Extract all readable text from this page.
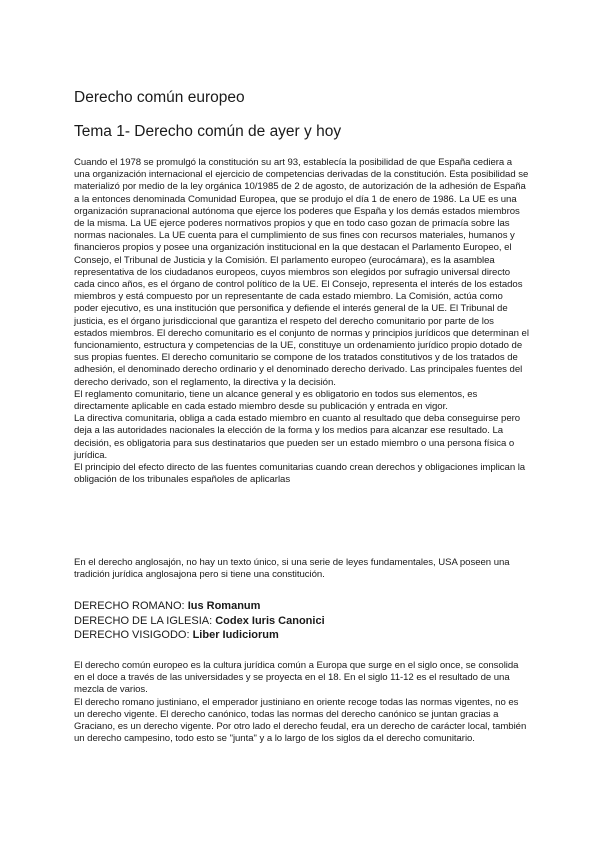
Derecho común europeo
Tema 1- Derecho común de ayer y hoy

Cuando el 1978 se promulgó la constitución su art 93, establecía la posibilidad de que España cediera a una organización internacional el ejercicio de competencias derivadas de la constitución. Esta posibilidad se materializó por medio de la ley orgánica 10/1985 de 2 de agosto, de autorización de la adhesión de España a la entonces denominada Comunidad Europea, que se produjo el día 1 de enero de 1986. La UE es una organización supranacional autónoma que ejerce los poderes que España y los demás estados miembros de la misma. La UE ejerce poderes normativos propios y que en todo caso gozan de primacía sobre las normas nacionales. La UE cuenta para el cumplimiento de sus fines con recursos materiales, humanos y financieros propios y posee una organización institucional en la que destacan el Parlamento Europeo, el Consejo, el Tribunal de Justicia y la Comisión. El parlamento europeo (eurocámara), es la asamblea representativa de los ciudadanos europeos, cuyos miembros son elegidos por sufragio universal directo cada cinco años, es el órgano de control político de la UE. El Consejo, representa el interés de los estados miembros y está compuesto por un representante de cada estado miembro. La Comisión, actúa como poder ejecutivo, es una institución que personifica y defiende el interés general de la UE. El Tribunal de justicia, es el órgano jurisdiccional que garantiza el respeto del derecho comunitario por parte de los estados miembros. El derecho comunitario es el conjunto de normas y principios jurídicos que determinan el funcionamiento, estructura y competencias de la UE, constituye un ordenamiento jurídico propio dotado de sus propias fuentes. El derecho comunitario se compone de los tratados constitutivos y de los tratados de adhesión, el denominado derecho ordinario y el denominado derecho derivado. Las principales fuentes del derecho derivado, son el reglamento, la directiva y la decisión.

El reglamento comunitario, tiene un alcance general y es obligatorio en todos sus elementos, es directamente aplicable en cada estado miembro desde su publicación y entrada en vigor.

La directiva comunitaria, obliga a cada estado miembro en cuanto al resultado que deba conseguirse pero deja a las autoridades nacionales la elección de la forma y los medios para alcanzar ese resultado. La decisión, es obligatoria para sus destinatarios que pueden ser un estado miembro o una persona física o jurídica.

El principio del efecto directo de las fuentes comunitarias cuando crean derechos y obligaciones implican la obligación de los tribunales españoles de aplicarlas

En el derecho anglosajón, no hay un texto único, si una serie de leyes fundamentales, USA poseen una tradición jurídica anglosajona pero si tiene una constitución.

DERECHO ROMANO: Ius Romanum
DERECHO DE LA IGLESIA: Codex Iuris Canonici
DERECHO VISIGODO: Liber Iudiciorum

El derecho común europeo es la cultura jurídica común a Europa que surge en el siglo once, se consolida en el doce a través de las universidades y se proyecta en el 18. En el siglo 11-12 es el resultado de una mezcla de varios.

El derecho romano justiniano, el emperador justiniano en oriente recoge todas las normas vigentes, no es un derecho vigente. El derecho canónico, todas las normas del derecho canónico se juntan gracias a Graciano, es un derecho vigente. Por otro lado el derecho feudal, era un derecho de carácter local, también un derecho campesino, todo esto se "junta" y a lo largo de los siglos da el derecho comunitario.
